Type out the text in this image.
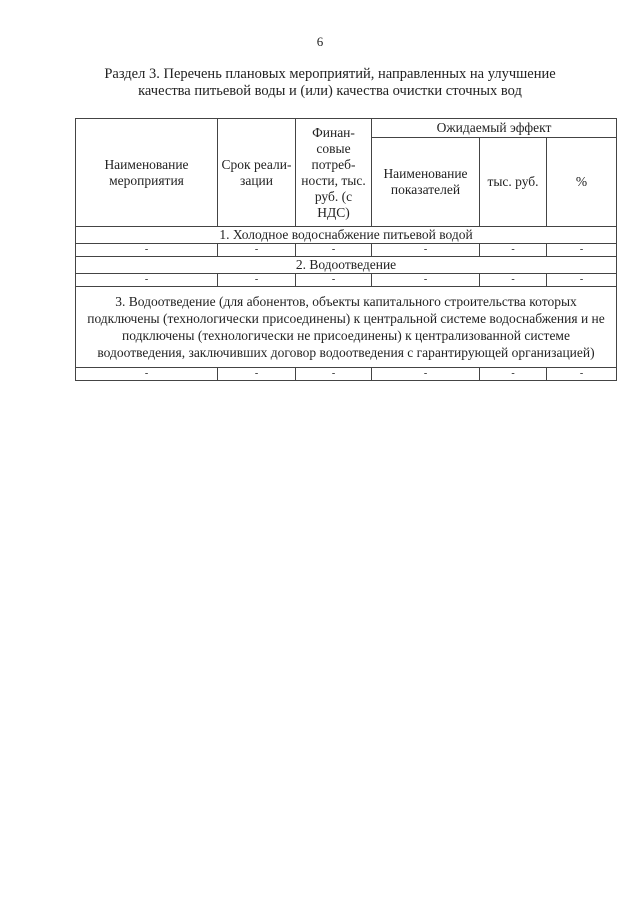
6
Раздел 3. Перечень плановых мероприятий, направленных на улучшение
качества питьевой воды и (или) качества очистки сточных вод
Наименование мероприятия	Срок реали-зации	Финан-совые потреб-ности, тыс. руб. (с НДС)	Ожидаемый эффект		
			Наименование показателей	тыс. руб.	%
1. Холодное водоснабжение питьевой водой					
-	-	-	-	-	-
2. Водоотведение					
-	-	-	-	-	-
3. Водоотведение (для абонентов, объекты капитального строительства которых подключены (технологически присоединены) к центральной системе водоснабжения и не подключены (технологически не присоединены) к централизованной системе водоотведения, заключивших договор водоотведения с гарантирующей организацией)					
-	-	-	-	-	-
